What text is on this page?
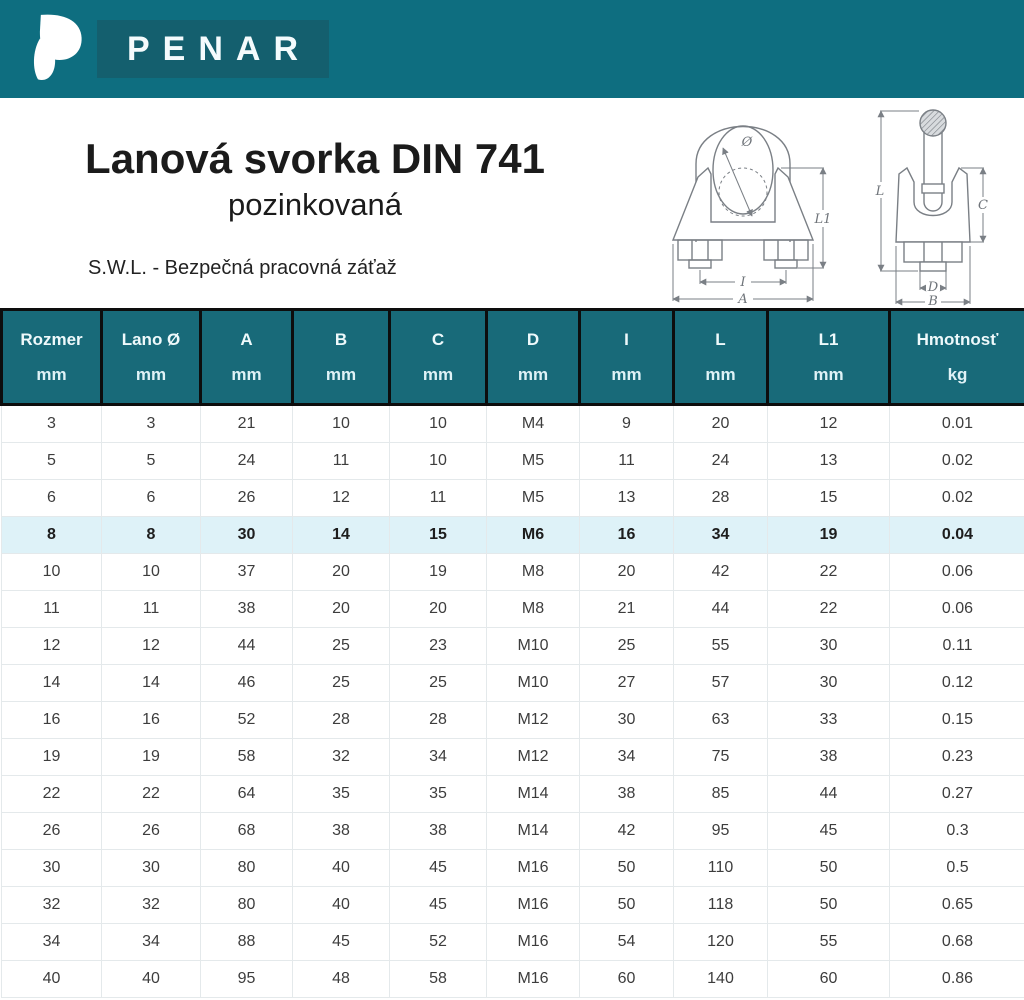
PENAR
Lanová svorka DIN 741
pozinkovaná

S.W.L. - Bezpečná pracovná záťaž

Ø
I
A
L1
L
C
D
B
Rozmer
mm

Lano Ø
mm

A
mm

B
mm

C
mm

D
mm

I
mm

L
mm

L1
mm

Hmotnosť
kg

3	3	21	10	10	M4	9	20	12	0.01
5	5	24	11	10	M5	11	24	13	0.02
6	6	26	12	11	M5	13	28	15	0.02
8	8	30	14	15	M6	16	34	19	0.04
10	10	37	20	19	M8	20	42	22	0.06
11	11	38	20	20	M8	21	44	22	0.06
12	12	44	25	23	M10	25	55	30	0.11
14	14	46	25	25	M10	27	57	30	0.12
16	16	52	28	28	M12	30	63	33	0.15
19	19	58	32	34	M12	34	75	38	0.23
22	22	64	35	35	M14	38	85	44	0.27
26	26	68	38	38	M14	42	95	45	0.3
30	30	80	40	45	M16	50	110	50	0.5
32	32	80	40	45	M16	50	118	50	0.65
34	34	88	45	52	M16	54	120	55	0.68
40	40	95	48	58	M16	60	140	60	0.86
